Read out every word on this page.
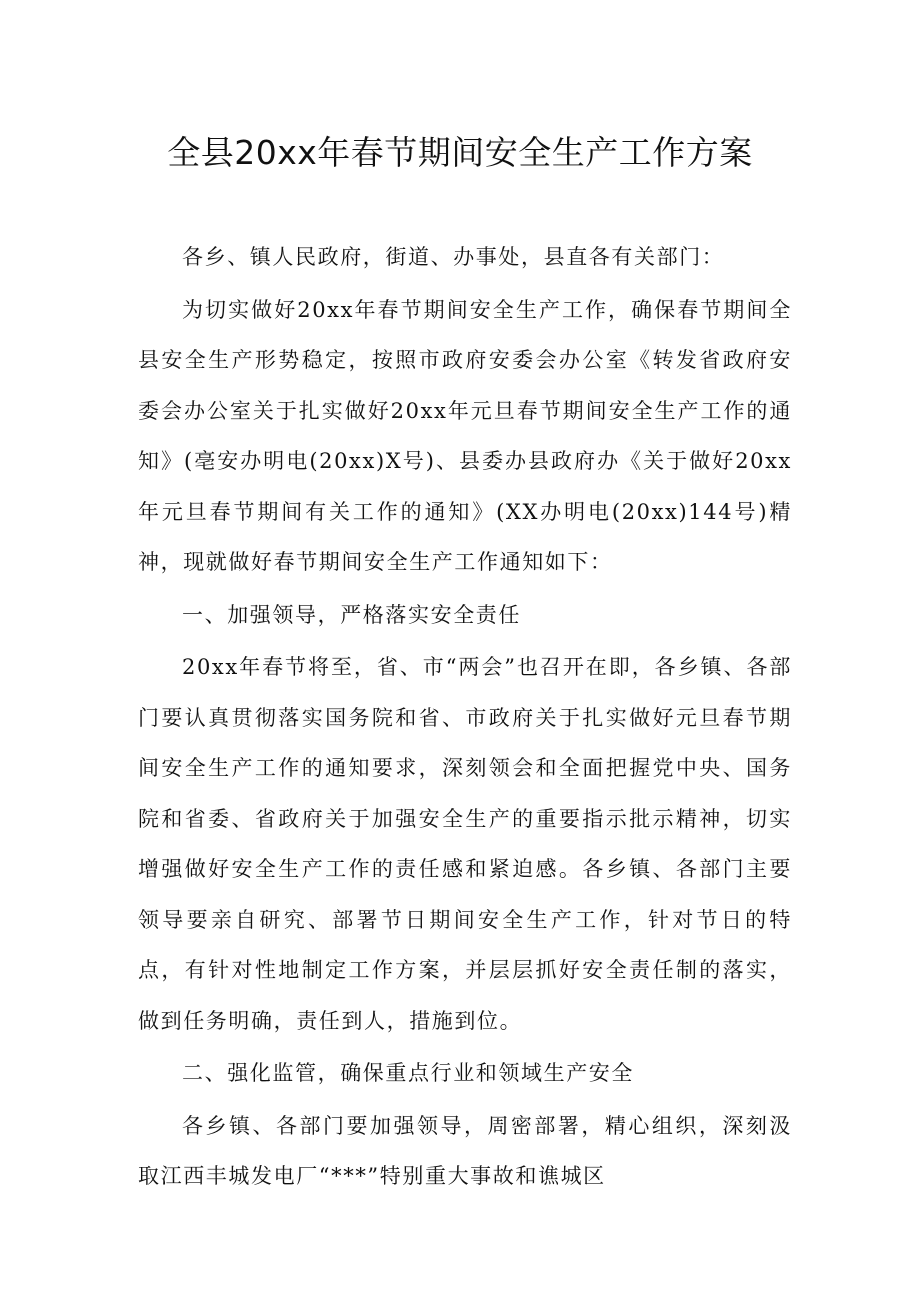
全县20xx年春节期间安全生产工作方案

各乡、镇人民政府，街道、办事处，县直各有关部门：

为切实做好20xx年春节期间安全生产工作，确保春节期间全县安全生产形势稳定，按照市政府安委会办公室《转发省政府安委会办公室关于扎实做好20xx年元旦春节期间安全生产工作的通知》(亳安办明电(20xx)X号)、县委办县政府办《关于做好20xx年元旦春节期间有关工作的通知》(XX办明电(20xx)144号)精神，现就做好春节期间安全生产工作通知如下：

一、加强领导，严格落实安全责任

20xx年春节将至，省、市“两会”也召开在即，各乡镇、各部门要认真贯彻落实国务院和省、市政府关于扎实做好元旦春节期间安全生产工作的通知要求，深刻领会和全面把握党中央、国务院和省委、省政府关于加强安全生产的重要指示批示精神，切实增强做好安全生产工作的责任感和紧迫感。各乡镇、各部门主要领导要亲自研究、部署节日期间安全生产工作，针对节日的特点，有针对性地制定工作方案，并层层抓好安全责任制的落实，做到任务明确，责任到人，措施到位。

二、强化监管，确保重点行业和领域生产安全

各乡镇、各部门要加强领导，周密部署，精心组织，深刻汲取江西丰城发电厂“***”特别重大事故和谯城区
